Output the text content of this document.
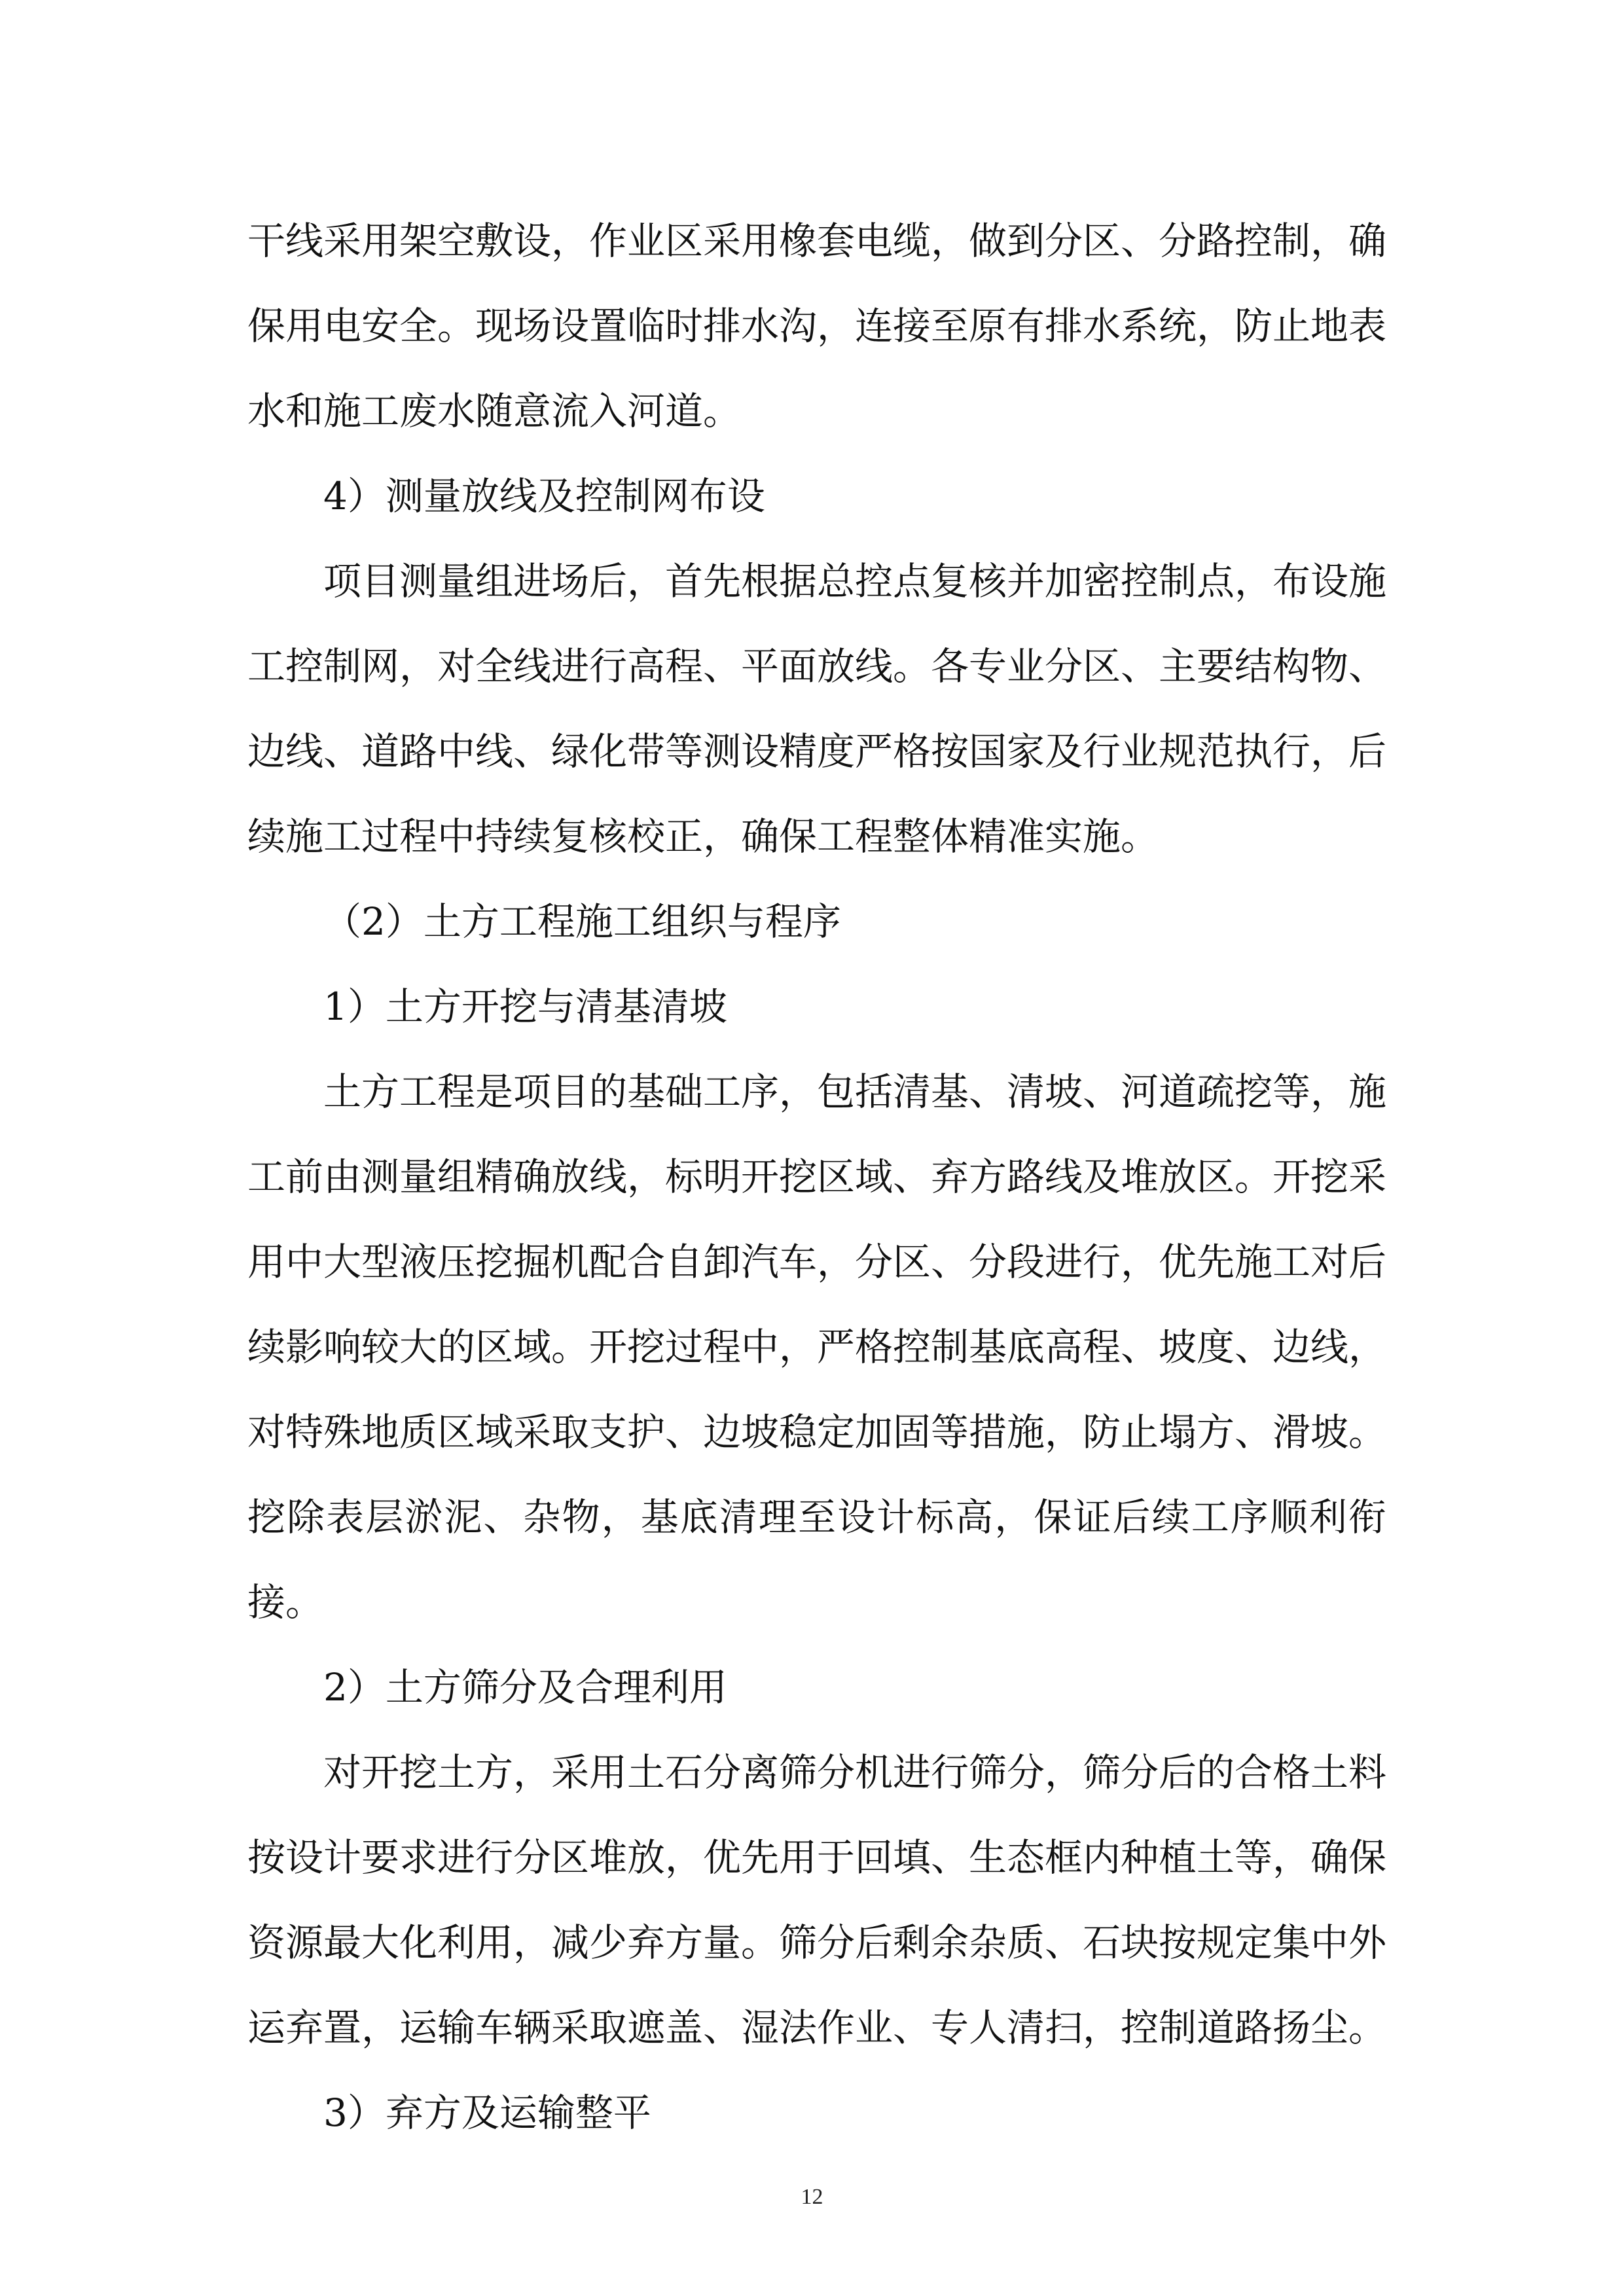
干线采用架空敷设，作业区采用橡套电缆，做到分区、分路控制，确保用电安全。现场设置临时排水沟，连接至原有排水系统，防止地表水和施工废水随意流入河道。

4）测量放线及控制网布设

项目测量组进场后，首先根据总控点复核并加密控制点，布设施工控制网，对全线进行高程、平面放线。各专业分区、主要结构物、边线、道路中线、绿化带等测设精度严格按国家及行业规范执行，后续施工过程中持续复核校正，确保工程整体精准实施。

（2）土方工程施工组织与程序

1）土方开挖与清基清坡

土方工程是项目的基础工序，包括清基、清坡、河道疏挖等，施工前由测量组精确放线，标明开挖区域、弃方路线及堆放区。开挖采用中大型液压挖掘机配合自卸汽车，分区、分段进行，优先施工对后续影响较大的区域。开挖过程中，严格控制基底高程、坡度、边线，对特殊地质区域采取支护、边坡稳定加固等措施，防止塌方、滑坡。挖除表层淤泥、杂物，基底清理至设计标高，保证后续工序顺利衔接。

2）土方筛分及合理利用

对开挖土方，采用土石分离筛分机进行筛分，筛分后的合格土料按设计要求进行分区堆放，优先用于回填、生态框内种植土等，确保资源最大化利用，减少弃方量。筛分后剩余杂质、石块按规定集中外运弃置，运输车辆采取遮盖、湿法作业、专人清扫，控制道路扬尘。

3）弃方及运输整平

12
